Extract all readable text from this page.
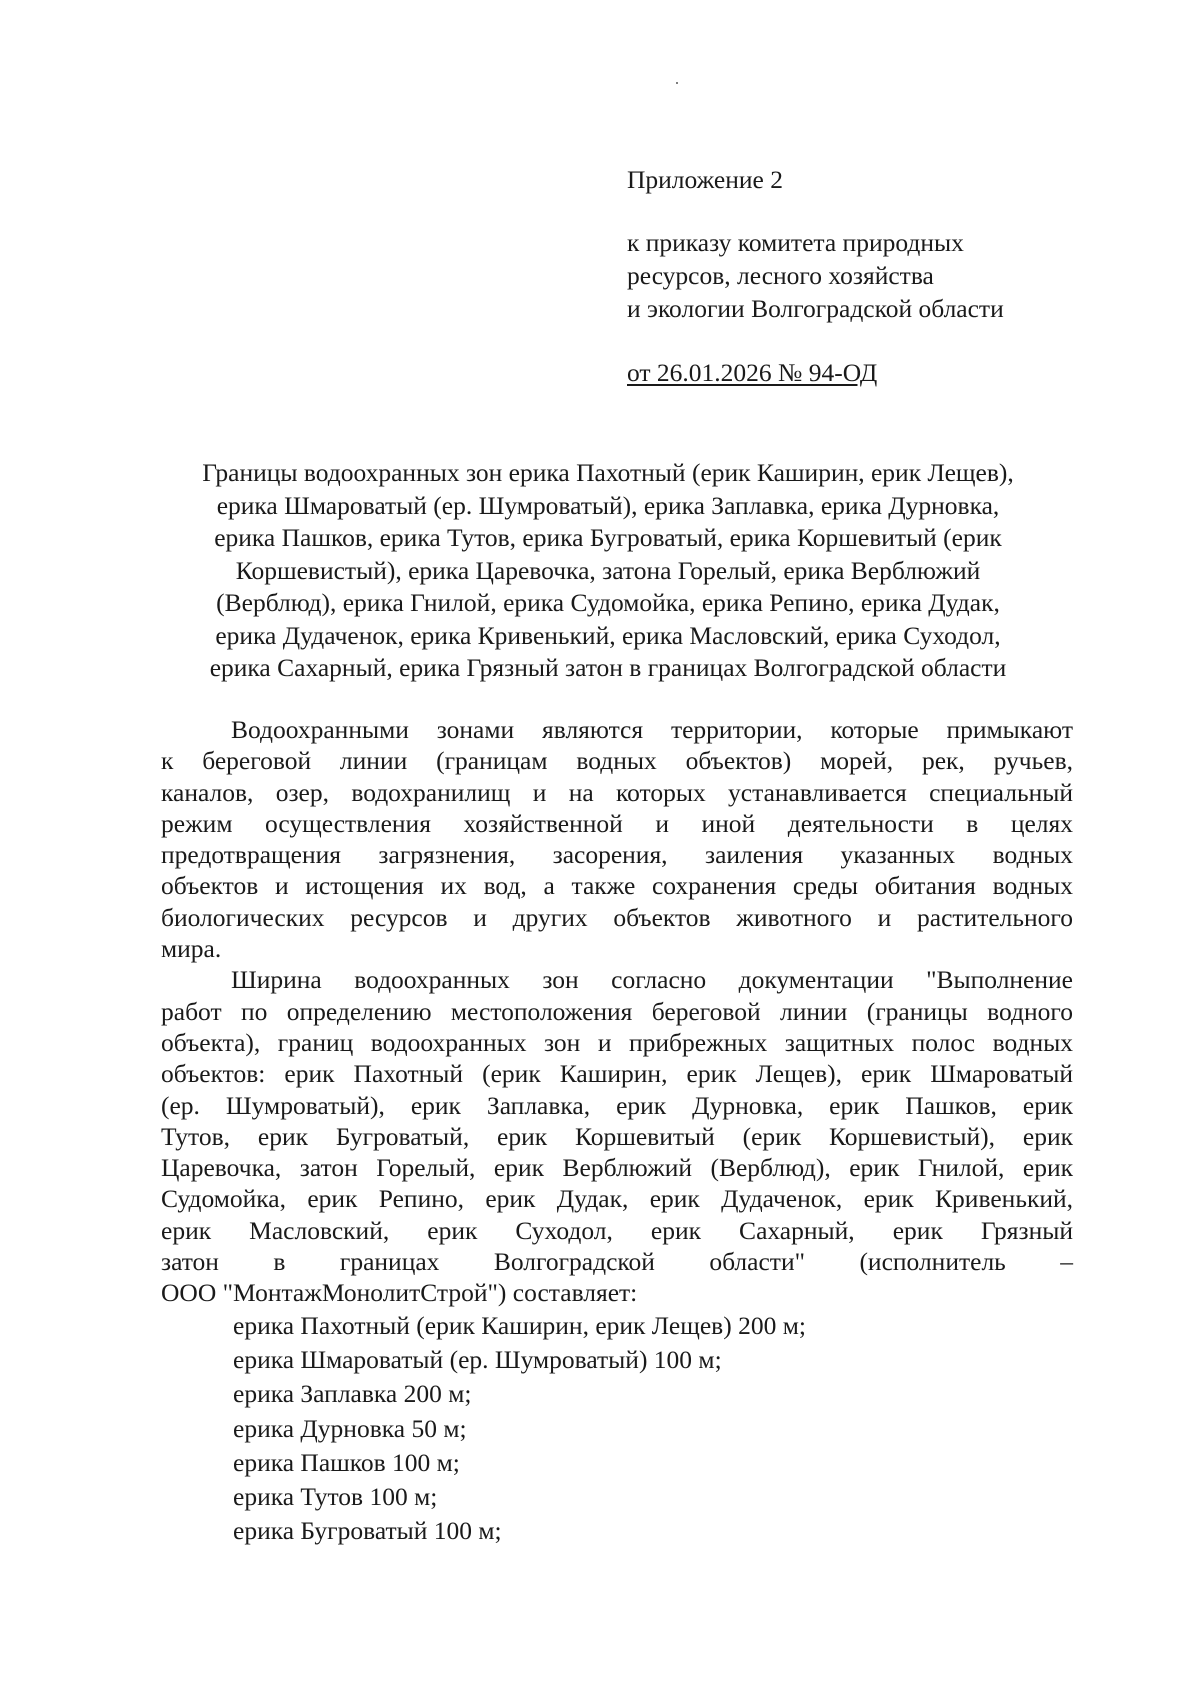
Приложение 2
к приказу комитета природных
ресурсов, лесного хозяйства
и экологии Волгоградской области
от 26.01.2026 № 94-ОД
Границы водоохранных зон ерика Пахотный (ерик Каширин, ерик Лещев),
ерика Шмароватый (ер. Шумроватый), ерика Заплавка, ерика Дурновка,
ерика Пашков, ерика Тутов, ерика Бугроватый, ерика Коршевитый (ерик
Коршевистый), ерика Царевочка, затона Горелый, ерика Верблюжий
(Верблюд), ерика Гнилой, ерика Судомойка, ерика Репино, ерика Дудак,
ерика Дудаченок, ерика Кривенький, ерика Масловский, ерика Суходол,
ерика Сахарный, ерика Грязный затон в границах Волгоградской области
Водоохранными зонами являются территории, которые примыкают
к береговой линии (границам водных объектов) морей, рек, ручьев,
каналов, озер, водохранилищ и на которых устанавливается специальный
режим осуществления хозяйственной и иной деятельности в целях
предотвращения загрязнения, засорения, заиления указанных водных
объектов и истощения их вод, а также сохранения среды обитания водных
биологических ресурсов и других объектов животного и растительного
мира.
Ширина водоохранных зон согласно документации "Выполнение
работ по определению местоположения береговой линии (границы водного
объекта), границ водоохранных зон и прибрежных защитных полос водных
объектов: ерик Пахотный (ерик Каширин, ерик Лещев), ерик Шмароватый
(ер. Шумроватый), ерик Заплавка, ерик Дурновка, ерик Пашков, ерик
Тутов, ерик Бугроватый, ерик Коршевитый (ерик Коршевистый), ерик
Царевочка, затон Горелый, ерик Верблюжий (Верблюд), ерик Гнилой, ерик
Судомойка, ерик Репино, ерик Дудак, ерик Дудаченок, ерик Кривенький,
ерик Масловский, ерик Суходол, ерик Сахарный, ерик Грязный
затон в границах Волгоградской области" (исполнитель –
ООО "МонтажМонолитСтрой") составляет:
ерика Пахотный (ерик Каширин, ерик Лещев) 200 м;
ерика Шмароватый (ер. Шумроватый) 100 м;
ерика Заплавка 200 м;
ерика Дурновка 50 м;
ерика Пашков 100 м;
ерика Тутов 100 м;
ерика Бугроватый 100 м;
